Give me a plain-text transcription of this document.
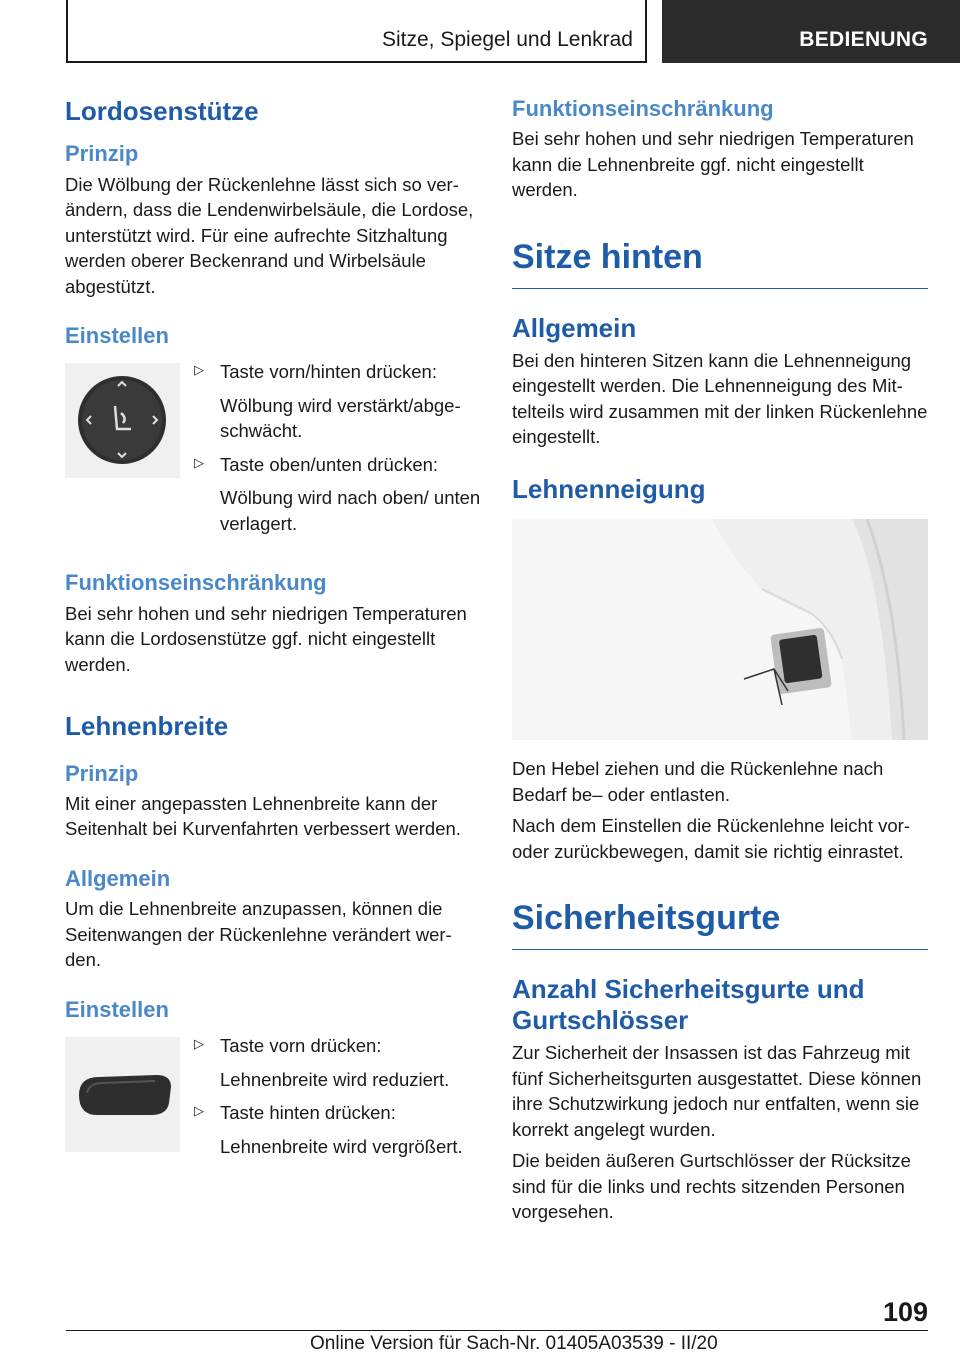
Sitze, Spiegel und Lenkrad	BEDIENUNG
Lordosenstütze
Prinzip

Die Wölbung der Rückenlehne lässt sich so verändern, dass die Lendenwirbelsäule, die Lordose, unterstützt wird. Für eine aufrechte Sitzhaltung werden oberer Beckenrand und Wirbelsäule abgestützt.

Einstellen
▷ Taste vorn/hinten drücken:

Wölbung wird verstärkt/abgeschwächt.

▷ Taste oben/unten drücken:

Wölbung wird nach oben/ unten verlagert.

Funktionseinschränkung

Bei sehr hohen und sehr niedrigen Temperaturen kann die Lordosenstütze ggf. nicht eingestellt werden.

Lehnenbreite
Prinzip

Mit einer angepassten Lehnenbreite kann der Seitenhalt bei Kurvenfahrten verbessert werden.

Allgemein

Um die Lehnenbreite anzupassen, können die Seitenwangen der Rückenlehne verändert werden.

Einstellen
▷ Taste vorn drücken:

Lehnenbreite wird reduziert.

▷ Taste hinten drücken:

Lehnenbreite wird vergrößert.

Funktionseinschränkung

Bei sehr hohen und sehr niedrigen Temperaturen kann die Lehnenbreite ggf. nicht eingestellt werden.

Sitze hinten
Allgemein

Bei den hinteren Sitzen kann die Lehnenneigung eingestellt werden. Die Lehnenneigung des Mittelteils wird zusammen mit der linken Rückenlehne eingestellt.

Lehnenneigung

Den Hebel ziehen und die Rückenlehne nach Bedarf be– oder entlasten.

Nach dem Einstellen die Rückenlehne leicht voroder zurückbewegen, damit sie richtig einrastet.

Sicherheitsgurte
Anzahl Sicherheitsgurte und Gurtschlösser

Zur Sicherheit der Insassen ist das Fahrzeug mit fünf Sicherheitsgurten ausgestattet. Diese können ihre Schutzwirkung jedoch nur entfalten, wenn sie korrekt angelegt wurden.

Die beiden äußeren Gurtschlösser der Rücksitze sind für die links und rechts sitzenden Personen vorgesehen.

109
Online Version für Sach-Nr. 01405A03539 - II/20
